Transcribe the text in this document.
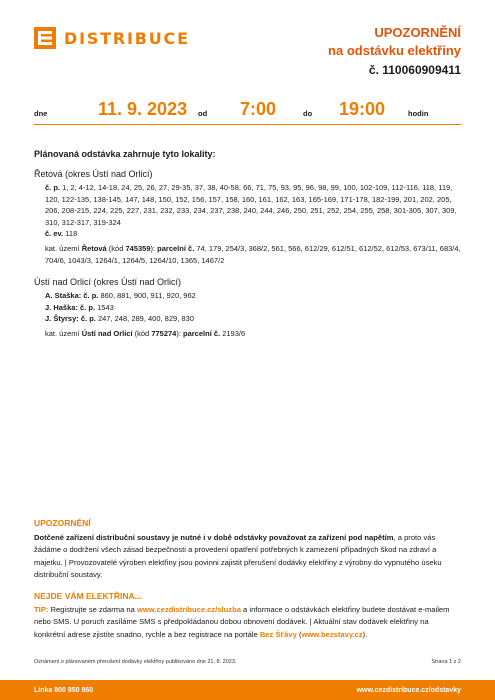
DISTRIBUCE	UPOZORNĚNÍ
na odstávku elektřiny
č. 110060909411
dne	11. 9. 2023 od 7:00	do 19:00	hodin
Plánovaná odstávka zahrnuje tyto lokality:
Řetová (okres Ústí nad Orlicí)
č. p. 1, 2, 4-12, 14-18, 24, 25, 26, 27, 29-35, 37, 38, 40-58, 66, 71, 75, 93, 95, 96, 98, 99, 100, 102-109, 112-116, 118, 119, 120, 122-135, 138-145, 147, 148, 150, 152, 156, 157, 158, 160, 161, 162, 163, 165-169, 171-178, 182-199, 201, 202, 205, 206, 208-215, 224, 225, 227, 231, 232, 233, 234, 237, 238, 240, 244, 246, 250, 251, 252, 254, 255, 258, 301-305, 307, 309, 310, 312-317, 319-324
č. ev. 118
kat. území Řetová (kód 745359): parcelní č. 74, 179, 254/3, 368/2, 561, 566, 612/29, 612/51, 612/52, 612/53, 673/11, 683/4, 704/6, 1043/3, 1264/1, 1264/5, 1264/10, 1365, 1467/2
Ústí nad Orlicí (okres Ústí nad Orlicí)
A. Staška: č. p. 860, 881, 900, 911, 920, 962
J. Haška: č. p. 1543
J. Štyrsy: č. p. 247, 248, 289, 400, 829, 830
kat. území Ústí nad Orlicí (kód 775274): parcelní č. 2193/6
UPOZORNĚNÍ
Dotčené zařízení distribuční soustavy je nutné i v době odstávky považovat za zařízení pod napětím, a proto vás žádáme o dodržení všech zásad bezpečnosti a provedení opatření potřebných k zamezení případných škod na zdraví a majetku. | Provozovatelé výroben elektřiny jsou povinni zajistit přerušení dodávky elektřiny z výrobny do vypnutého úseku distribuční soustavy.
NEJDE VÁM ELEKTŘINA...
TIP: Registrujte se zdarma na www.cezdistribuce.cz/sluzba a informace o odstávkách elektřiny budete dostávat e-mailem nebo SMS. U poruch zasíláme SMS s předpokládanou dobou obnovení dodávek. | Aktuální stav dodávek elektřiny na konkrétní adrese zjistíte snadno, rychle a bez registrace na portále Bez Šťávy (www.bezstavy.cz).
Oznámení o plánovaném přerušení dodávky elektřiny publikováno dne 21. 8. 2023.	Strana 1 z 2
Linka 800 850 860	www.cezdistribuce.cz/odstavky
